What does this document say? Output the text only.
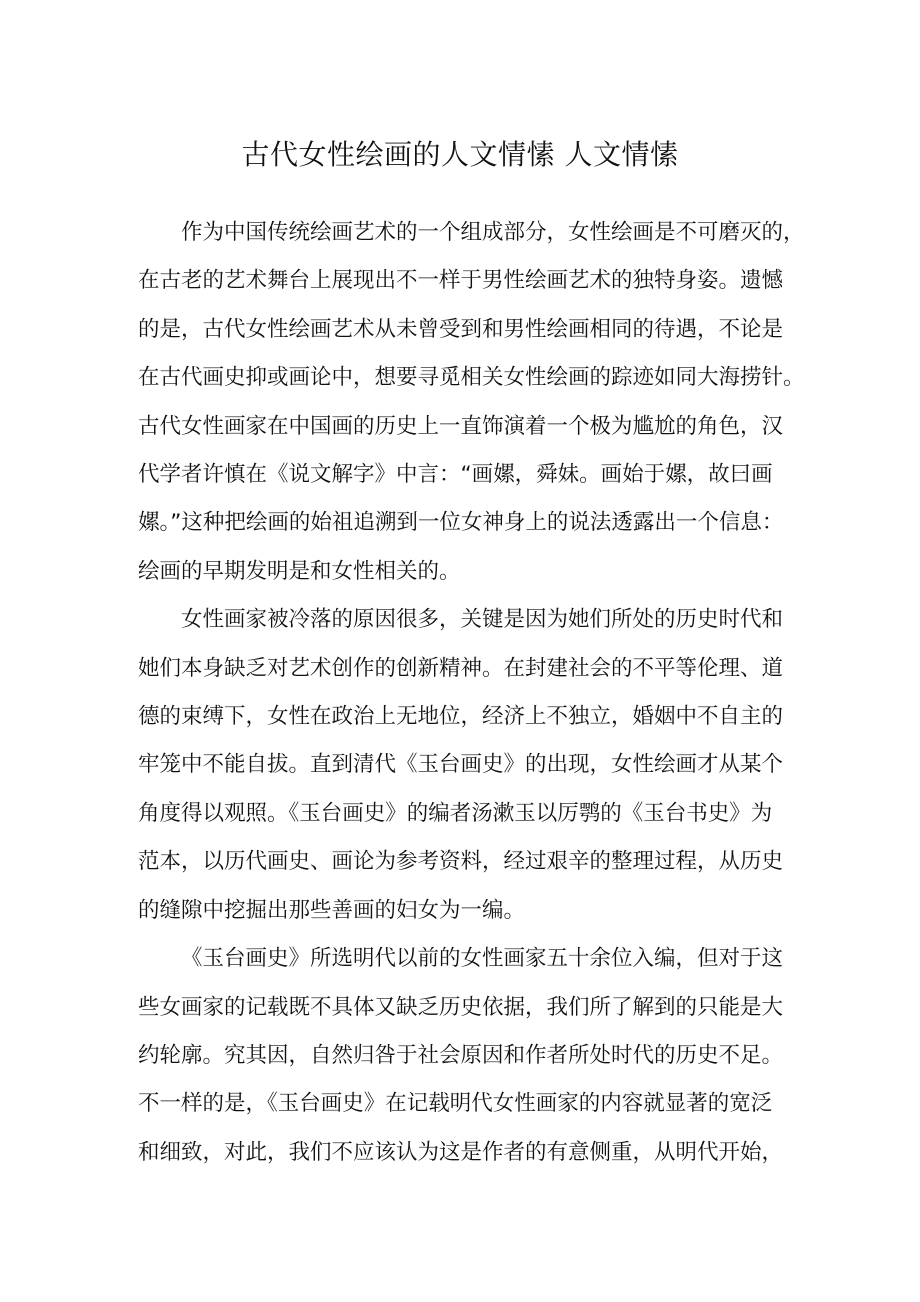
古代女性绘画的人文情愫 人文情愫

作为中国传统绘画艺术的一个组成部分，女性绘画是不可磨灭的，
在古老的艺术舞台上展现出不一样于男性绘画艺术的独特身姿。遗憾
的是，古代女性绘画艺术从未曾受到和男性绘画相同的待遇，不论是
在古代画史抑或画论中，想要寻觅相关女性绘画的踪迹如同大海捞针。
古代女性画家在中国画的历史上一直饰演着一个极为尴尬的角色，汉
代学者许慎在《说文解字》中言：“画嫘，舜妹。画始于嫘，故曰画
嫘。”这种把绘画的始祖追溯到一位女神身上的说法透露出一个信息：
绘画的早期发明是和女性相关的。

女性画家被冷落的原因很多，关键是因为她们所处的历史时代和
她们本身缺乏对艺术创作的创新精神。在封建社会的不平等伦理、道
德的束缚下，女性在政治上无地位，经济上不独立，婚姻中不自主的
牢笼中不能自拔。直到清代《玉台画史》的出现，女性绘画才从某个
角度得以观照。《玉台画史》的编者汤漱玉以厉鹗的《玉台书史》为
范本，以历代画史、画论为参考资料，经过艰辛的整理过程，从历史
的缝隙中挖掘出那些善画的妇女为一编。

《玉台画史》所选明代以前的女性画家五十余位入编，但对于这
些女画家的记载既不具体又缺乏历史依据，我们所了解到的只能是大
约轮廓。究其因，自然归咎于社会原因和作者所处时代的历史不足。
不一样的是，《玉台画史》在记载明代女性画家的内容就显著的宽泛
和细致，对此，我们不应该认为这是作者的有意侧重，从明代开始，
